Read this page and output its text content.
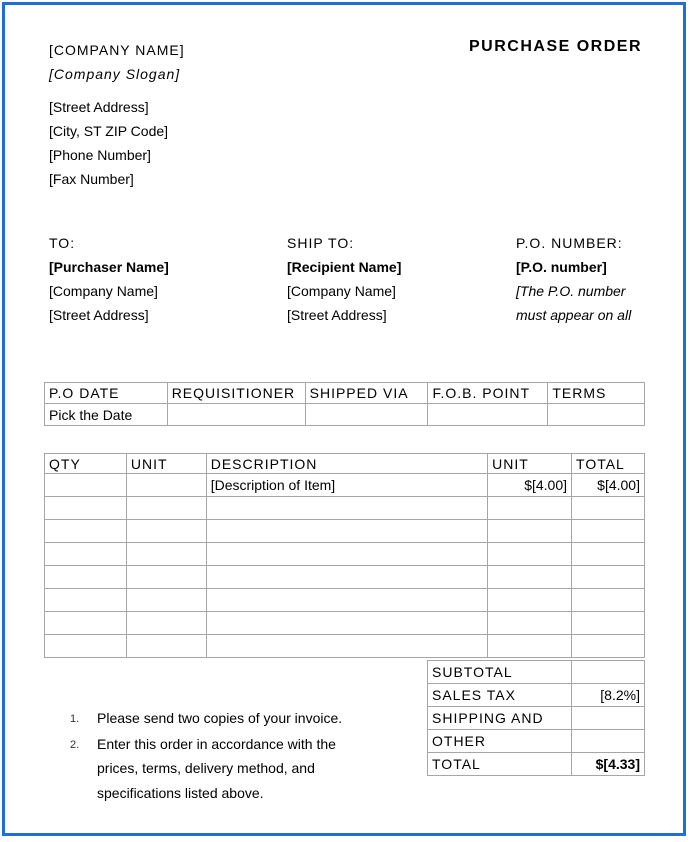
[COMPANY NAME]
[Company Slogan]
[Street Address]
[City, ST ZIP Code]
[Phone Number]
[Fax Number]
PURCHASE ORDER
TO:
[Purchaser Name]
[Company Name]
[Street Address]
SHIP TO:
[Recipient Name]
[Company Name]
[Street Address]
P.O. NUMBER:
[P.O. number]
[The P.O. number
must appear on all
P.O DATE	REQUISITIONER	SHIPPED VIA	F.O.B. POINT	TERMS
Pick the Date				
QTY	UNIT	DESCRIPTION	UNIT	TOTAL
		[Description of Item]	$[4.00]	$[4.00]

SUBTOTAL	
SALES TAX	[8.2%]
SHIPPING AND	
OTHER	
TOTAL	$[4.33]
1.	Please send two copies of your invoice.
2.	Enter this order in accordance with the prices, terms, delivery method, and specifications listed above.
